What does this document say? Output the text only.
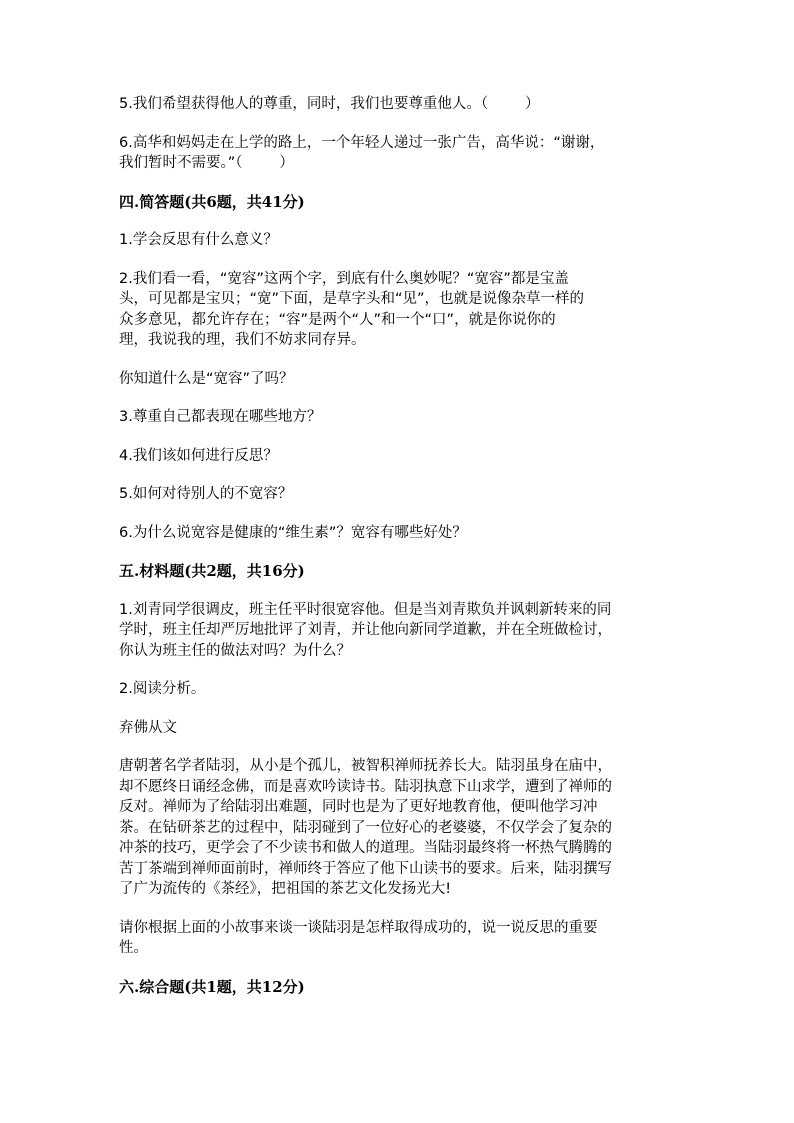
5.我们希望获得他人的尊重，同时，我们也要尊重他人。（        ）

6.高华和妈妈走在上学的路上，一个年轻人递过一张广告，高华说：“谢谢，
我们暂时不需要。”（        ）

四.简答题(共6题，共41分)

1.学会反思有什么意义？

2.我们看一看，“宽容”这两个字，到底有什么奥妙呢？“宽容”都是宝盖
头，可见都是宝贝；“宽”下面，是草字头和“见”，也就是说像杂草一样的
众多意见，都允许存在；“容”是两个“人”和一个“口”，就是你说你的
理，我说我的理，我们不妨求同存异。

你知道什么是“宽容”了吗？

3.尊重自己都表现在哪些地方？

4.我们该如何进行反思？

5.如何对待别人的不宽容？

6.为什么说宽容是健康的“维生素”？宽容有哪些好处？

五.材料题(共2题，共16分)

1.刘青同学很调皮，班主任平时很宽容他。但是当刘青欺负并讽刺新转来的同
学时，班主任却严厉地批评了刘青，并让他向新同学道歉，并在全班做检讨，
你认为班主任的做法对吗？为什么？

2.阅读分析。

弃佛从文

唐朝著名学者陆羽，从小是个孤儿，被智积禅师抚养长大。陆羽虽身在庙中，
却不愿终日诵经念佛，而是喜欢吟读诗书。陆羽执意下山求学，遭到了禅师的
反对。禅师为了给陆羽出难题，同时也是为了更好地教育他，便叫他学习冲
茶。在钻研茶艺的过程中，陆羽碰到了一位好心的老婆婆，不仅学会了复杂的
冲茶的技巧，更学会了不少读书和做人的道理。当陆羽最终将一杯热气腾腾的
苦丁茶端到禅师面前时，禅师终于答应了他下山读书的要求。后来，陆羽撰写
了广为流传的《茶经》，把祖国的茶艺文化发扬光大!

请你根据上面的小故事来谈一谈陆羽是怎样取得成功的，说一说反思的重要
性。

六.综合题(共1题，共12分)
